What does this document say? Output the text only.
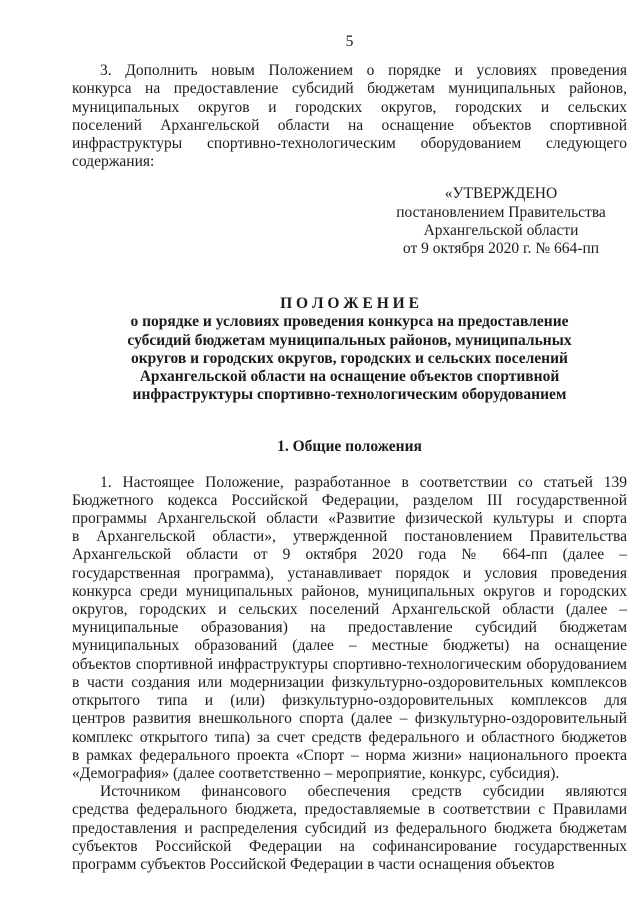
5
3. Дополнить новым Положением о порядке и условиях проведения
конкурса на предоставление субсидий бюджетам муниципальных районов,
муниципальных округов и городских округов, городских и сельских
поселений Архангельской области на оснащение объектов спортивной
инфраструктуры спортивно-технологическим оборудованием следующего
содержания:
«УТВЕРЖДЕНО
постановлением Правительства
Архангельской области
от 9 октября 2020 г. № 664-пп
П О Л О Ж Е Н И Е
о порядке и условиях проведения конкурса на предоставление
субсидий бюджетам муниципальных районов, муниципальных
округов и городских округов, городских и сельских поселений
Архангельской области на оснащение объектов спортивной
инфраструктуры спортивно-технологическим оборудованием
1. Общие положения
1. Настоящее Положение, разработанное в соответствии со статьей 139
Бюджетного кодекса Российской Федерации, разделом III государственной
программы Архангельской области «Развитие физической культуры и спорта
в Архангельской области», утвержденной постановлением Правительства
Архангельской области от 9 октября 2020 года № 664-пп (далее –
государственная программа), устанавливает порядок и условия проведения
конкурса среди муниципальных районов, муниципальных округов и городских
округов, городских и сельских поселений Архангельской области (далее –
муниципальные образования) на предоставление субсидий бюджетам
муниципальных образований (далее – местные бюджеты) на оснащение
объектов спортивной инфраструктуры спортивно-технологическим оборудованием
в части создания или модернизации физкультурно-оздоровительных комплексов
открытого типа и (или) физкультурно-оздоровительных комплексов для
центров развития внешкольного спорта (далее – физкультурно-оздоровительный
комплекс открытого типа) за счет средств федерального и областного бюджетов
в рамках федерального проекта «Спорт – норма жизни» национального проекта
«Демография» (далее соответственно – мероприятие, конкурс, субсидия).
Источником финансового обеспечения средств субсидии являются
средства федерального бюджета, предоставляемые в соответствии с Правилами
предоставления и распределения субсидий из федерального бюджета бюджетам
субъектов Российской Федерации на софинансирование государственных
программ субъектов Российской Федерации в части оснащения объектов
